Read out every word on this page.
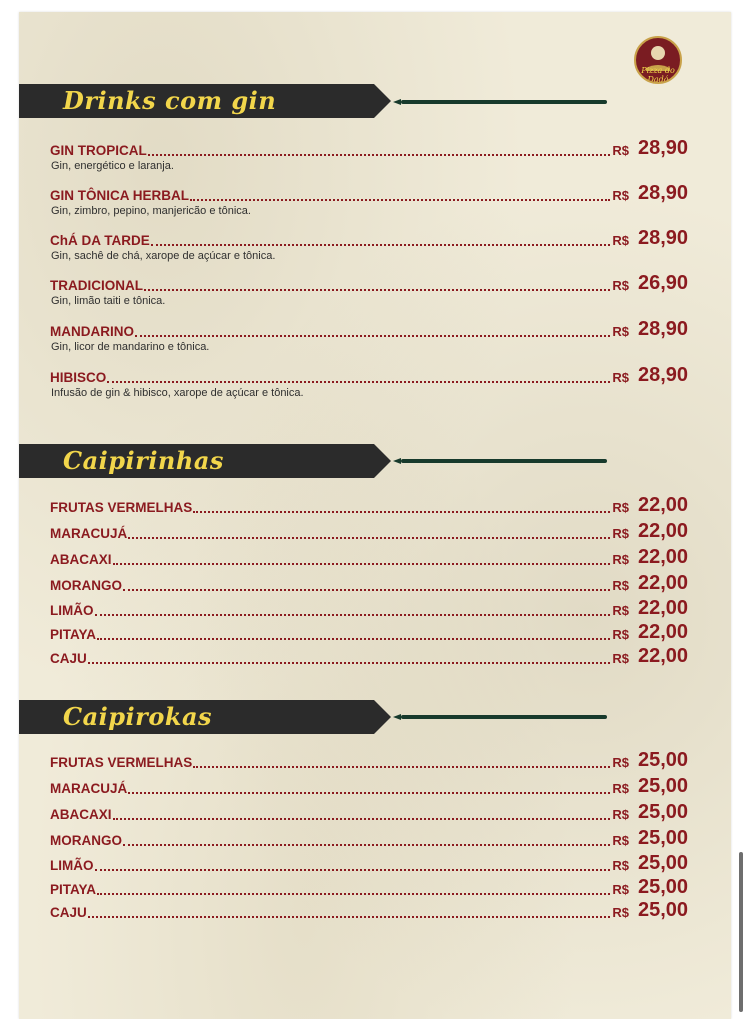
Pizza do Dadá
Drinks com gin
GIN TROPICAL	R$ 28,90
Gin, energético e laranja.
GIN TÔNICA HERBAL	R$ 28,90
Gin, zimbro, pepino, manjericão e tônica.
ChÁ DA TARDE	R$ 28,90
Gin, sachê de chá, xarope de açúcar e tônica.
TRADICIONAL	R$ 26,90
Gin, limão taiti e tônica.
MANDARINO	R$ 28,90
Gin, licor de mandarino e tônica.
HIBISCO	R$ 28,90
Infusão de gin & hibisco, xarope de açúcar e tônica.
Caipirinhas
FRUTAS VERMELHAS	R$ 22,00
MARACUJÁ	R$ 22,00
ABACAXI	R$ 22,00
MORANGO	R$ 22,00
LIMÃO	R$ 22,00
PITAYA	R$ 22,00
CAJU	R$ 22,00
Caipirokas
FRUTAS VERMELHAS	R$ 25,00
MARACUJÁ	R$ 25,00
ABACAXI	R$ 25,00
MORANGO	R$ 25,00
LIMÃO	R$ 25,00
PITAYA	R$ 25,00
CAJU	R$ 25,00
